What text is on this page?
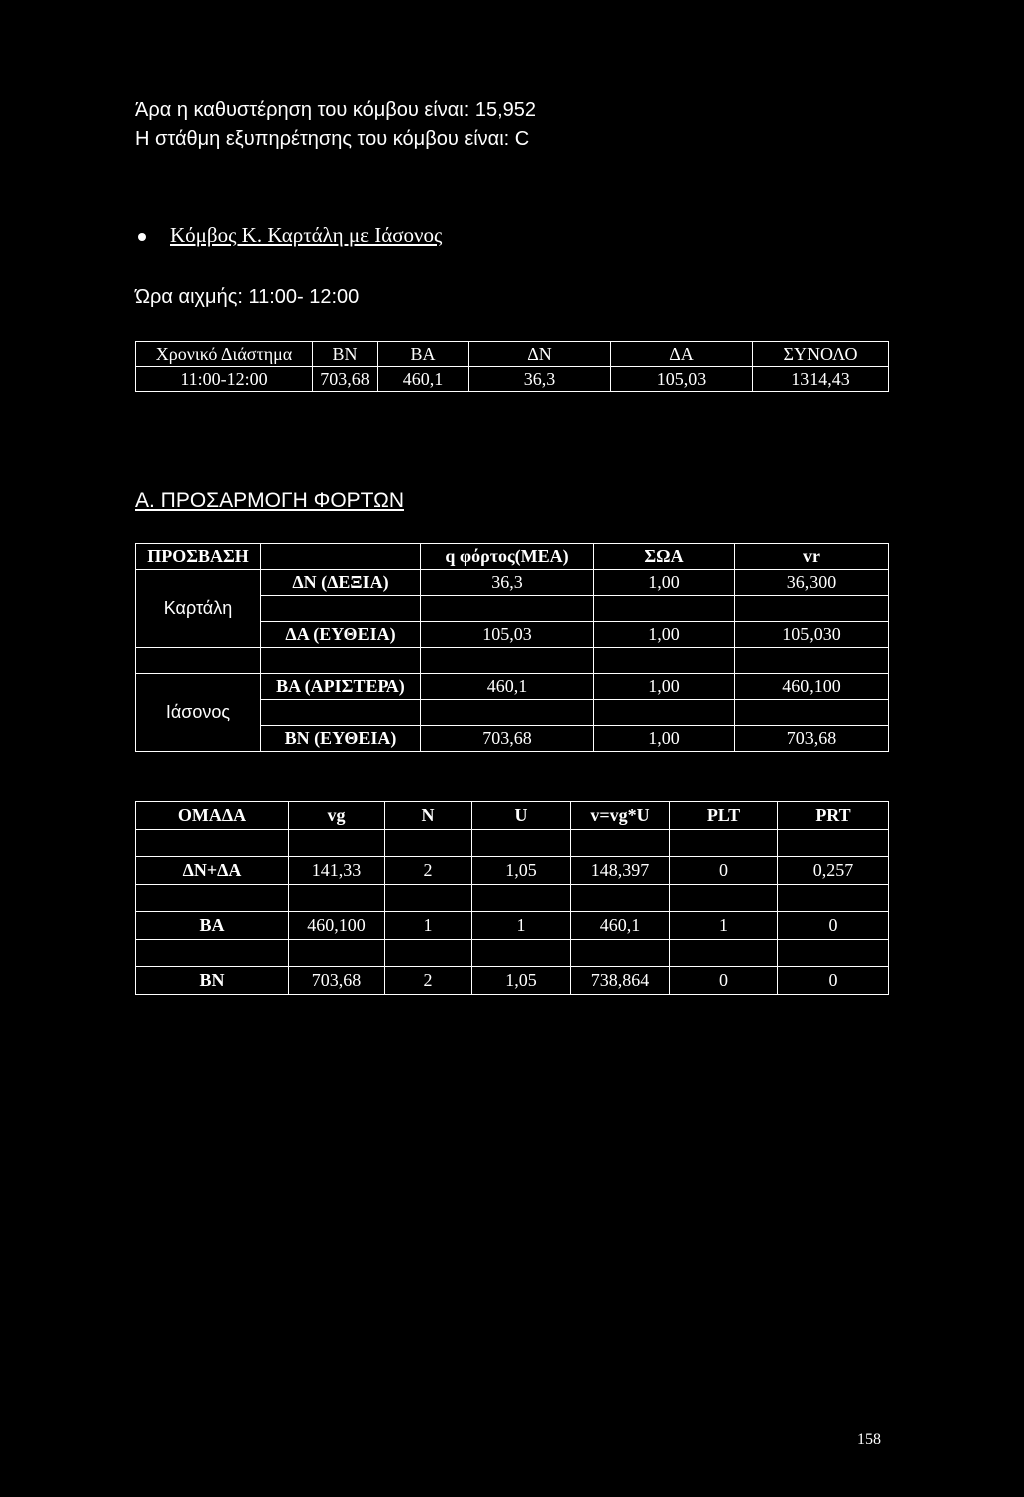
Άρα η καθυστέρηση του κόμβου είναι: 15,952
Η στάθμη εξυπηρέτησης του κόμβου είναι: C
Κόμβος Κ. Καρτάλη με Ιάσονος
Ώρα αιχμής: 11:00- 12:00
Χρονικό Διάστημα	ΒΝ	ΒΑ	ΔΝ	ΔΑ	ΣΥΝΟΛΟ
11:00-12:00	703,68	460,1	36,3	105,03	1314,43
Α. ΠΡΟΣΑΡΜΟΓΗ ΦΟΡΤΩΝ
ΠΡΟΣΒΑΣΗ		q φόρτος(ΜΕΑ)	ΣΩΑ	vr
Καρτάλη	ΔΝ (ΔΕΞΙΑ)	36,3	1,00	36,300

	ΔΑ (ΕΥΘΕΙΑ)	105,03	1,00	105,030

Ιάσονος	ΒΑ (ΑΡΙΣΤΕΡΑ)	460,1	1,00	460,100

	ΒΝ (ΕΥΘΕΙΑ)	703,68	1,00	703,68
ΟΜΑΔΑ	vg	N	U	v=vg*U	PLT	PRT

ΔΝ+ΔΑ	141,33	2	1,05	148,397	0	0,257

ΒΑ	460,100	1	1	460,1	1	0

ΒΝ	703,68	2	1,05	738,864	0	0
158
